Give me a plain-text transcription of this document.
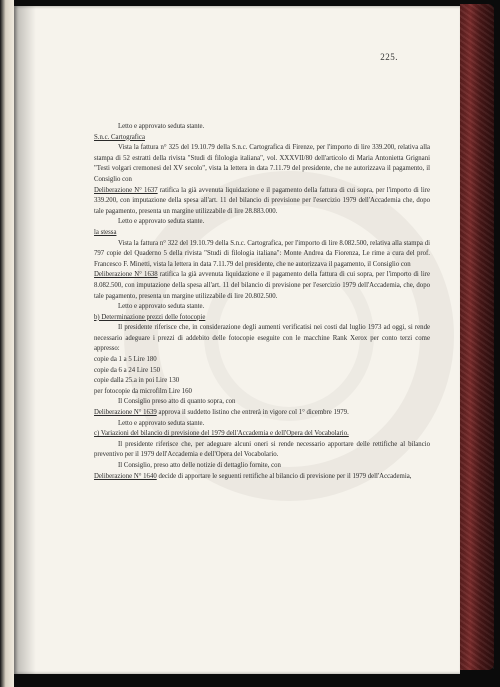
225.

Letto e approvato seduta stante.

S.n.c. Cartografica

Vista la fattura n° 325 del 19.10.79 della S.n.c. Cartografica di Firenze, per l'importo di lire 339.200, relativa alla stampa di 52 estratti della rivista "Studi di filologia italiana", vol. XXXVII/80 dell'articolo di Maria Antonietta Grignani "Testi volgari cremonesi del XV secolo", vista la lettera in data 7.11.79 del presidente, che ne autorizzava il pagamento, il Consiglio con

Deliberazione N° 1637 ratifica la già avvenuta liquidazione e il pagamento della fattura di cui sopra, per l'importo di lire 339.200, con imputazione della spesa all'art. 11 del bilancio di previsione per l'esercizio 1979 dell'Accademia che, dopo tale pagamento, presenta un margine utilizzabile di lire 28.883.000.

Letto e approvato seduta stante.

la stessa

Vista la fattura n° 322 del 19.10.79 della S.n.c. Cartografica, per l'importo di lire 8.082.500, relativa alla stampa di 797 copie del Quaderno 5 della rivista "Studi di filologia italiana": Monte Andrea da Fiorenza, Le rime a cura del prof. Francesco F. Minetti, vista la lettera in data 7.11.79 del presidente, che ne autorizzava il pagamento, il Consiglio con

Deliberazione N° 1638 ratifica la già avvenuta liquidazione e il pagamento della fattura di cui sopra, per l'importo di lire 8.082.500, con imputazione della spesa all'art. 11 del bilancio di previsione per l'esercizio 1979 dell'Accademia, che, dopo tale pagamento, presenta un margine utilizzabile di lire 20.802.500.

Letto e approvato seduta stante.

b) Determinazione prezzi delle fotocopie

Il presidente riferisce che, in considerazione degli aumenti verificatisi nei costi dal luglio 1973 ad oggi, si rende necessario adeguare i prezzi di addebito delle fotocopie eseguite con le macchine Rank Xerox per conto terzi come appresso:

copie da 1 a 5 Lire 180

copie da 6 a 24 Lire 150

copie dalla 25.a in poi Lire 130

per fotocopie da microfilm Lire 160

Il Consiglio preso atto di quanto sopra, con

Deliberazione N° 1639 approva il suddetto listino che entrerà in vigore col 1° dicembre 1979.

Letto e approvato seduta stante.

c) Variazioni del bilancio di previsione del 1979 dell'Accademia e dell'Opera del Vocabolario.

Il presidente riferisce che, per adeguare alcuni oneri si rende necessario apportare delle rettifiche al bilancio preventivo per il 1979 dell'Accademia e dell'Opera del Vocabolario.

Il Consiglio, preso atto delle notizie di dettaglio fornite, con

Deliberazione N° 1640 decide di apportare le seguenti rettifiche al bilancio di previsione per il 1979 dell'Accademia,
